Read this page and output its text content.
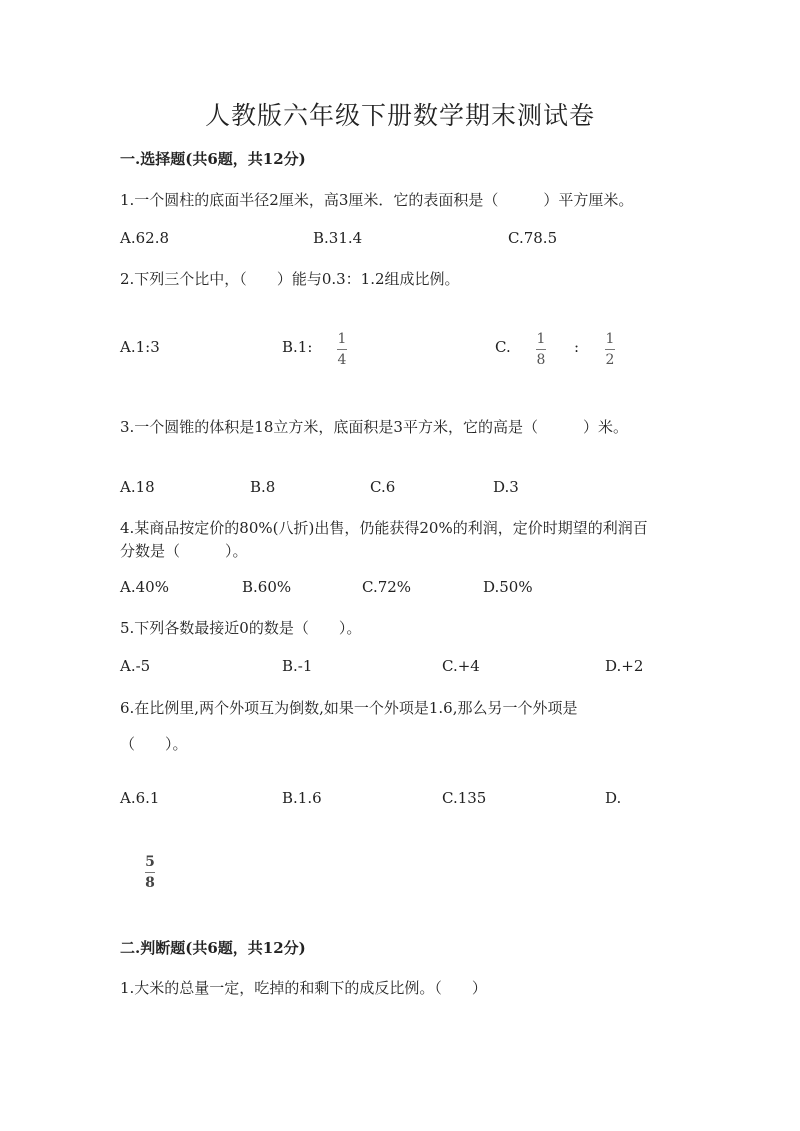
人教版六年级下册数学期末测试卷
一.选择题(共6题，共12分)
1.一个圆柱的底面半径2厘米，高3厘米．它的表面积是（　　　）平方厘米。
A.62.8	B.31.4	C.78.5
2.下列三个比中，（　　）能与0.3：1.2组成比例。
A.1:3	B.1: 1
4
C. 1
8
: 1
2
3.一个圆锥的体积是18立方米，底面积是3平方米，它的高是（　　　）米。
A.18	B.8	C.6	D.3
4.某商品按定价的80%(八折)出售，仍能获得20%的利润，定价时期望的利润百
分数是（　　　）。
A.40%	B.60%	C.72%	D.50%
5.下列各数最接近0的数是（　　）。
A.-5	B.-1	C.+4	D.+2
6.在比例里,两个外项互为倒数,如果一个外项是1.6,那么另一个外项是
（　　）。
A.6.1	B.1.6	C.135	D.
5
8
二.判断题(共6题，共12分)
1.大米的总量一定，吃掉的和剩下的成反比例。（　　）
